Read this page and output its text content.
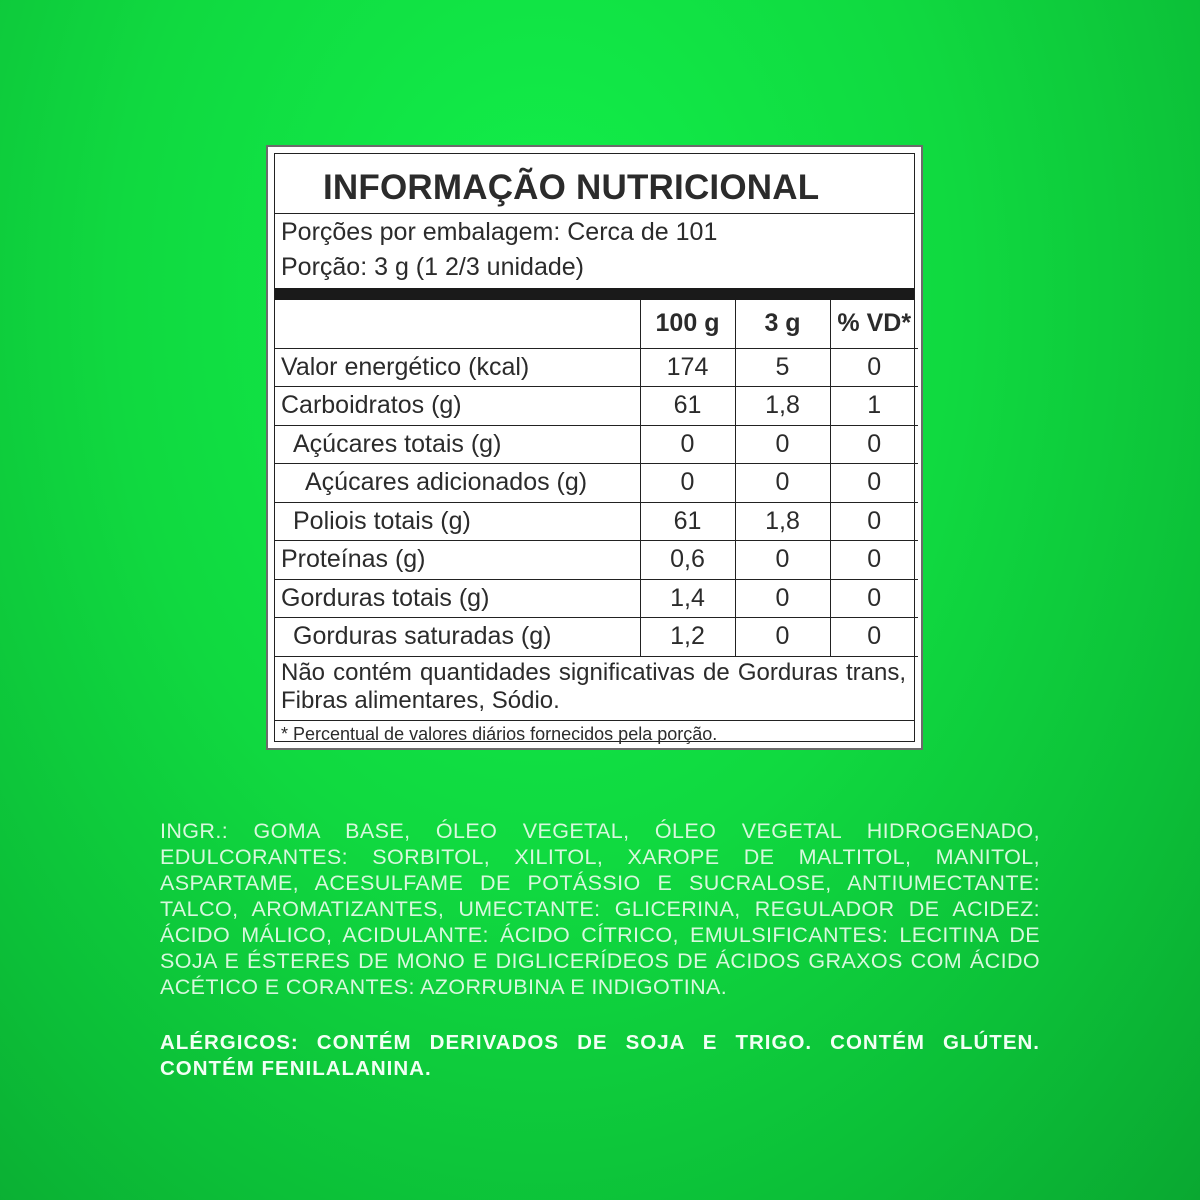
INFORMAÇÃO NUTRICIONAL
Porções por embalagem: Cerca de 101
Porção: 3 g (1 2/3 unidade)
	100 g	3 g	% VD*
Valor energético (kcal)	174	5	0
Carboidratos (g)	61	1,8	1
Açúcares totais (g)	0	0	0
Açúcares adicionados (g)	0	0	0
Poliois totais (g)	61	1,8	0
Proteínas (g)	0,6	0	0
Gorduras totais (g)	1,4	0	0
Gorduras saturadas (g)	1,2	0	0
Não contém quantidades significativas de Gorduras trans, Fibras alimentares, Sódio.
* Percentual de valores diários fornecidos pela porção.
INGR.: GOMA BASE, ÓLEO VEGETAL, ÓLEO VEGETAL HIDROGENADO, EDULCORANTES: SORBITOL, XILITOL, XAROPE DE MALTITOL, MANITOL, ASPARTAME, ACESULFAME DE POTÁSSIO E SUCRALOSE, ANTIUMECTANTE: TALCO, AROMATIZANTES, UMECTANTE: GLICERINA, REGULADOR DE ACIDEZ: ÁCIDO MÁLICO, ACIDULANTE: ÁCIDO CÍTRICO, EMULSIFICANTES: LECITINA DE SOJA E ÉSTERES DE MONO E DIGLICERÍDEOS DE ÁCIDOS GRAXOS COM ÁCIDO ACÉTICO E CORANTES: AZORRUBINA E INDIGOTINA.
ALÉRGICOS: CONTÉM DERIVADOS DE SOJA E TRIGO. CONTÉM GLÚTEN. CONTÉM FENILALANINA.
